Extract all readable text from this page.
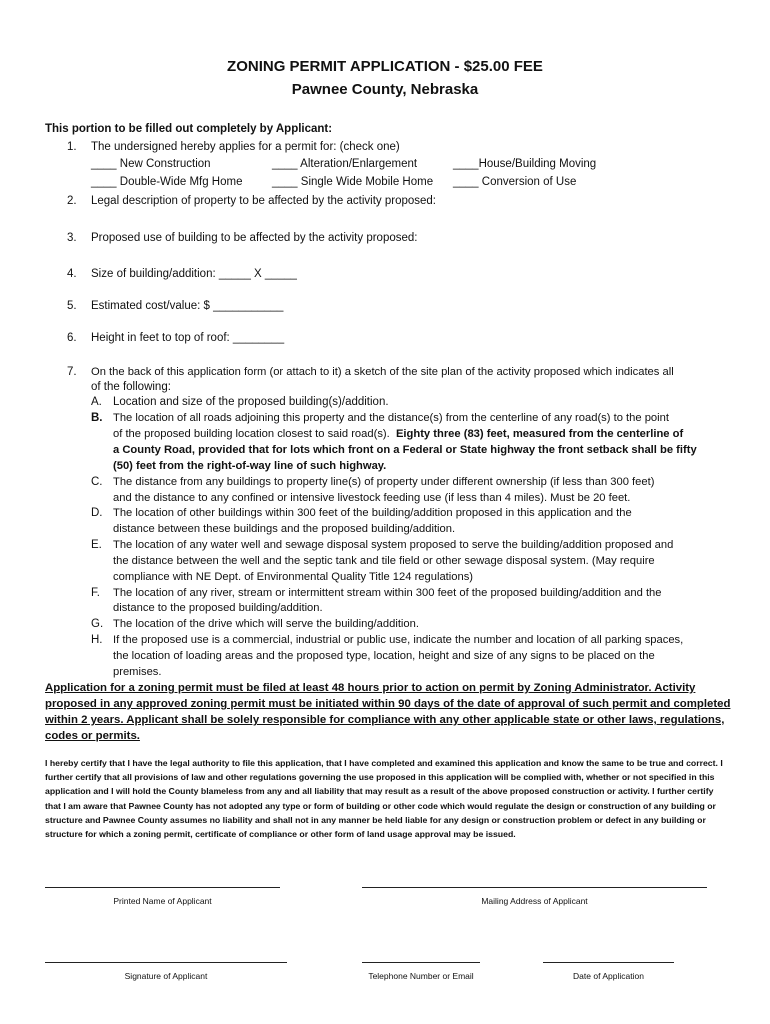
ZONING PERMIT APPLICATION - $25.00 FEE
Pawnee County, Nebraska
This portion to be filled out completely by Applicant:
1. The undersigned hereby applies for a permit for: (check one)
____ New Construction	____ Alteration/Enlargement	____House/Building Moving
____ Double-Wide Mfg Home	____ Single Wide Mobile Home ____ Conversion of Use
2. Legal description of property to be affected by the activity proposed:
3. Proposed use of building to be affected by the activity proposed:
4. Size of building/addition: _____ X _____
5. Estimated cost/value: $ ___________
6. Height in feet to top of roof: ________
7. On the back of this application form (or attach to it) a sketch of the site plan of the activity proposed which indicates all
of the following:
A. Location and size of the proposed building(s)/addition.
B. The location of all roads adjoining this property and the distance(s) from the centerline of any road(s) to the point
of the proposed building location closest to said road(s). Eighty three (83) feet, measured from the centerline of
a County Road, provided that for lots which front on a Federal or State highway the front setback shall be fifty
(50) feet from the right-of-way line of such highway.
C. The distance from any buildings to property line(s) of property under different ownership (if less than 300 feet)
and the distance to any confined or intensive livestock feeding use (if less than 4 miles). Must be 20 feet.
D. The location of other buildings within 300 feet of the building/addition proposed in this application and the
distance between these buildings and the proposed building/addition.
E. The location of any water well and sewage disposal system proposed to serve the building/addition proposed and
the distance between the well and the septic tank and tile field or other sewage disposal system. (May require
compliance with NE Dept. of Environmental Quality Title 124 regulations)
F. The location of any river, stream or intermittent stream within 300 feet of the proposed building/addition and the
distance to the proposed building/addition.
G. The location of the drive which will serve the building/addition.
H. If the proposed use is a commercial, industrial or public use, indicate the number and location of all parking spaces,
the location of loading areas and the proposed type, location, height and size of any signs to be placed on the
premises.
Application for a zoning permit must be filed at least 48 hours prior to action on permit by Zoning Administrator. Activity proposed in any approved zoning permit must be initiated within 90 days of the date of approval of such permit and completed within 2 years. Applicant shall be solely responsible for compliance with any other applicable state or other laws, regulations, codes or permits.
I hereby certify that I have the legal authority to file this application, that I have completed and examined this application and know the same to be true and correct. I further certify that all provisions of law and other regulations governing the use proposed in this application will be complied with, whether or not specified in this application and I will hold the County blameless from any and all liability that may result as a result of the above proposed construction or activity. I further certify that I am aware that Pawnee County has not adopted any type or form of building or other code which would regulate the design or construction of any building or structure and Pawnee County assumes no liability and shall not in any manner be held liable for any design or construction problem or defect in any building or structure for which a zoning permit, certificate of compliance or other form of land usage approval may be issued.
Printed Name of Applicant	Mailing Address of Applicant
Signature of Applicant	Telephone Number or Email	Date of Application
